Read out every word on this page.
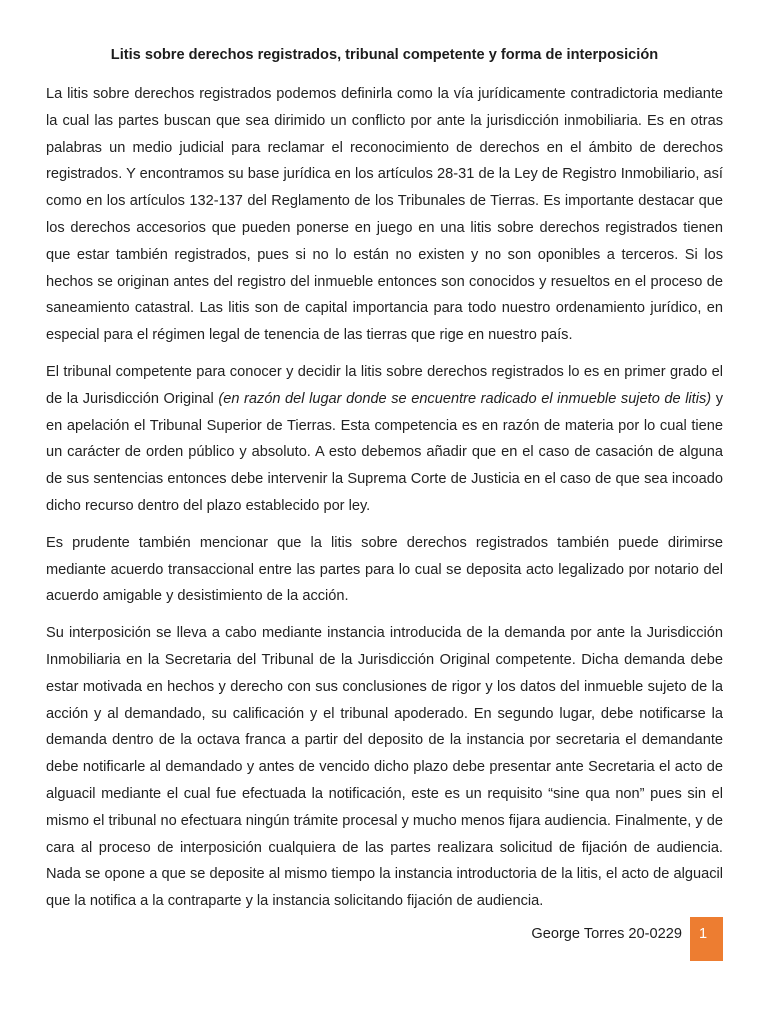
Litis sobre derechos registrados, tribunal competente y forma de interposición

La litis sobre derechos registrados podemos definirla como la vía jurídicamente contradictoria mediante la cual las partes buscan que sea dirimido un conflicto por ante la jurisdicción inmobiliaria. Es en otras palabras un medio judicial para reclamar el reconocimiento de derechos en el ámbito de derechos registrados. Y encontramos su base jurídica en los artículos 28-31 de la Ley de Registro Inmobiliario, así como en los artículos 132-137 del Reglamento de los Tribunales de Tierras. Es importante destacar que los derechos accesorios que pueden ponerse en juego en una litis sobre derechos registrados tienen que estar también registrados, pues si no lo están no existen y no son oponibles a terceros. Si los hechos se originan antes del registro del inmueble entonces son conocidos y resueltos en el proceso de saneamiento catastral. Las litis son de capital importancia para todo nuestro ordenamiento jurídico, en especial para el régimen legal de tenencia de las tierras que rige en nuestro país.

El tribunal competente para conocer y decidir la litis sobre derechos registrados lo es en primer grado el de la Jurisdicción Original (en razón del lugar donde se encuentre radicado el inmueble sujeto de litis) y en apelación el Tribunal Superior de Tierras. Esta competencia es en razón de materia por lo cual tiene un carácter de orden público y absoluto. A esto debemos añadir que en el caso de casación de alguna de sus sentencias entonces debe intervenir la Suprema Corte de Justicia en el caso de que sea incoado dicho recurso dentro del plazo establecido por ley.

Es prudente también mencionar que la litis sobre derechos registrados también puede dirimirse mediante acuerdo transaccional entre las partes para lo cual se deposita acto legalizado por notario del acuerdo amigable y desistimiento de la acción.

Su interposición se lleva a cabo mediante instancia introducida de la demanda por ante la Jurisdicción Inmobiliaria en la Secretaria del Tribunal de la Jurisdicción Original competente. Dicha demanda debe estar motivada en hechos y derecho con sus conclusiones de rigor y los datos del inmueble sujeto de la acción y al demandado, su calificación y el tribunal apoderado. En segundo lugar, debe notificarse la demanda dentro de la octava franca a partir del deposito de la instancia por secretaria el demandante debe notificarle al demandado y antes de vencido dicho plazo debe presentar ante Secretaria el acto de alguacil mediante el cual fue efectuada la notificación, este es un requisito “sine qua non” pues sin el mismo el tribunal no efectuara ningún trámite procesal y mucho menos fijara audiencia. Finalmente, y de cara al proceso de interposición cualquiera de las partes realizara solicitud de fijación de audiencia. Nada se opone a que se deposite al mismo tiempo la instancia introductoria de la litis, el acto de alguacil que la notifica a la contraparte y la instancia solicitando fijación de audiencia.

George Torres 20-0229	1
